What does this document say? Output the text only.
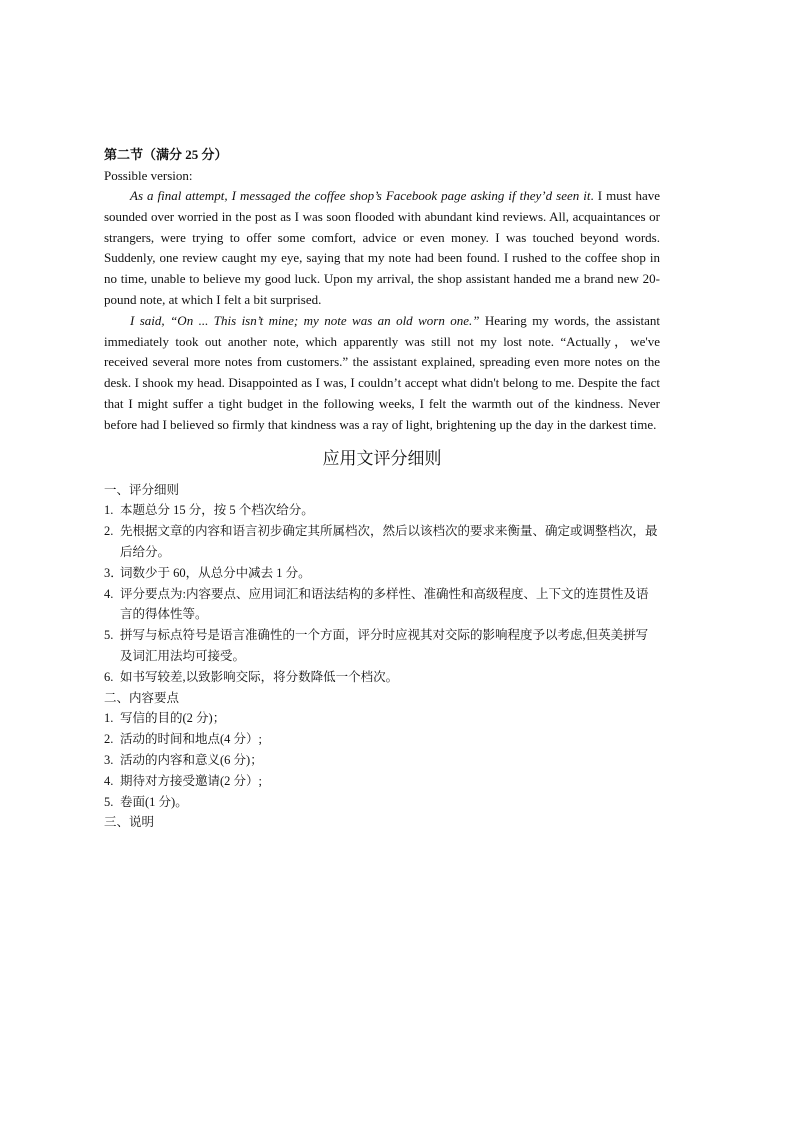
第二节（满分 25 分）

Possible version:

As a final attempt, I messaged the coffee shop’s Facebook page asking if they’d seen it. I must have sounded over worried in the post as I was soon flooded with abundant kind reviews. All, acquaintances or strangers, were trying to offer some comfort, advice or even money. I was touched beyond words. Suddenly, one review caught my eye, saying that my note had been found. I rushed to the coffee shop in no time, unable to believe my good luck. Upon my arrival, the shop assistant handed me a brand new 20-pound note, at which I felt a bit surprised.

I said, “On ... This isn’t mine; my note was an old worn one.” Hearing my words, the assistant immediately took out another note, which apparently was still not my lost note. “Actually，we've received several more notes from customers.” the assistant explained, spreading even more notes on the desk. I shook my head. Disappointed as I was, I couldn’t accept what didn't belong to me. Despite the fact that I might suffer a tight budget in the following weeks, I felt the warmth out of the kindness. Never before had I believed so firmly that kindness was a ray of light, brightening up the day in the darkest time.

应用文评分细则

一、评分细则

1. 本题总分 15 分，按 5 个档次给分。

2. 先根据文章的内容和语言初步确定其所属档次，然后以该档次的要求来衡量、确定或调整档次，最后给分。

3．词数少于 60，从总分中减去 1 分。

4. 评分要点为:内容要点、应用词汇和语法结构的多样性、准确性和高级程度、上下文的连贯性及语言的得体性等。

5. 拼写与标点符号是语言准确性的一个方面，评分时应视其对交际的影响程度予以考虑,但英美拼写及词汇用法均可接受。

6. 如书写较差,以致影响交际，将分数降低一个档次。

二、内容要点

1. 写信的目的(2 分)；

2. 活动的时间和地点(4 分）;

3. 活动的内容和意义(6 分)；

4. 期待对方接受邀请(2 分）;

5. 卷面(1 分)。

三、说明
